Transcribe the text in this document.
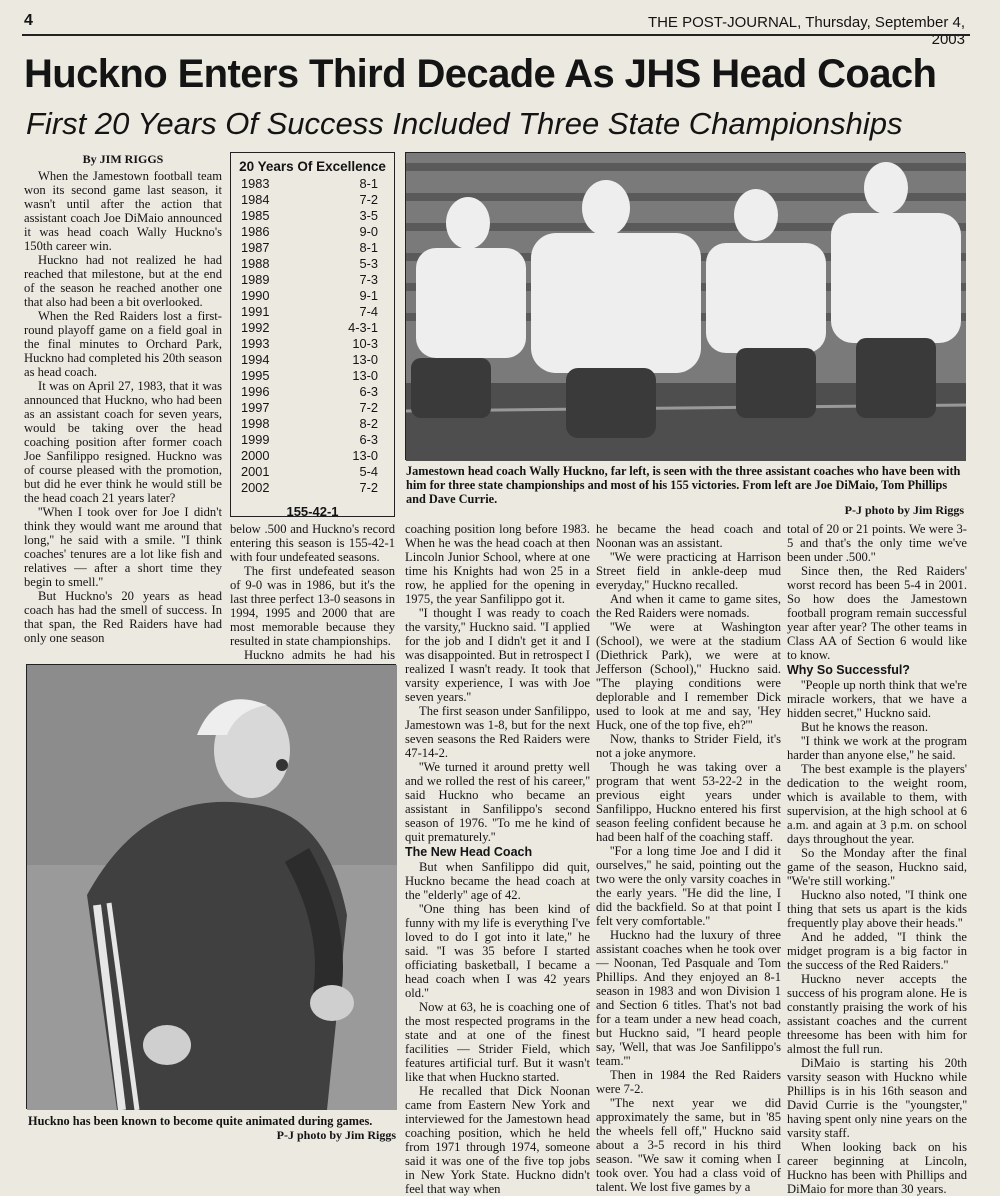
4	THE POST-JOURNAL, Thursday, September 4, 2003
Huckno Enters Third Decade As JHS Head Coach
First 20 Years Of Success Included Three State Championships
By JIM RIGGS

When the Jamestown football team won its second game last season, it wasn't until after the action that assistant coach Joe DiMaio announced it was head coach Wally Huckno's 150th career win.

Huckno had not realized he had reached that milestone, but at the end of the season he reached another one that also had been a bit overlooked.

When the Red Raiders lost a first-round playoff game on a field goal in the final minutes to Orchard Park, Huckno had completed his 20th season as head coach.

It was on April 27, 1983, that it was announced that Huckno, who had been as an assistant coach for seven years, would be taking over the head coaching position after former coach Joe Sanfilippo resigned. Huckno was of course pleased with the promotion, but did he ever think he would still be the head coach 21 years later?

''When I took over for Joe I didn't think they would want me around that long,'' he said with a smile. ''I think coaches' tenures are a lot like fish and relatives — after a short time they begin to smell.''

But Huckno's 20 years as head coach has had the smell of success. In that span, the Red Raiders have had only one season

20 Years Of Excellence
1983	8-1
1984	7-2
1985	3-5
1986	9-0
1987	8-1
1988	5-3
1989	7-3
1990	9-1
1991	7-4
1992	4-3-1
1993	10-3
1994	13-0
1995	13-0
1996	6-3
1997	7-2
1998	8-2
1999	6-3
2000	13-0
2001	5-4
2002	7-2
155-42-1

below .500 and Huckno's record entering this season is 155-42-1 with four undefeated seasons.

The first undefeated season of 9-0 was in 1986, but it's the last three perfect 13-0 seasons in 1994, 1995 and 2000 that are most memorable because they resulted in state championships.

Huckno admits he had his

Jamestown head coach Wally Huckno, far left, is seen with the three assistant coaches who have been with him for three state championships and most of his 155 victories. From left are Joe DiMaio, Tom Phillips and Dave Currie.
P-J photo by Jim Riggs

coaching position long before 1983. When he was the head coach at then Lincoln Junior School, where at one time his Knights had won 25 in a row, he applied for the opening in 1975, the year Sanfilippo got it.

''I thought I was ready to coach the varsity,'' Huckno said. ''I applied for the job and I didn't get it and I was disappointed. But in retrospect I realized I wasn't ready. It took that varsity experience, I was with Joe seven years.''

The first season under Sanfilippo, Jamestown was 1-8, but for the next seven seasons the Red Raiders were 47-14-2.

''We turned it around pretty well and we rolled the rest of his career,'' said Huckno who became an assistant in Sanfilippo's second season of 1976. ''To me he kind of quit prematurely.''

The New Head Coach

But when Sanfilippo did quit, Huckno became the head coach at the ''elderly'' age of 42.

''One thing has been kind of funny with my life is everything I've loved to do I got into it late,'' he said. ''I was 35 before I started officiating basketball, I became a head coach when I was 42 years old.''

Now at 63, he is coaching one of the most respected programs in the state and at one of the finest facilities — Strider Field, which features artificial turf. But it wasn't like that when Huckno started.

He recalled that Dick Noonan came from Eastern New York and interviewed for the Jamestown head coaching position, which he held from 1971 through 1974, someone said it was one of the five top jobs in New York State. Huckno didn't feel that way when

he became the head coach and Noonan was an assistant.

''We were practicing at Harrison Street field in ankle-deep mud everyday,'' Huckno recalled.

And when it came to game sites, the Red Raiders were nomads.

''We were at Washington (School), we were at the stadium (Diethrick Park), we were at Jefferson (School),'' Huckno said. ''The playing conditions were deplorable and I remember Dick used to look at me and say, 'Hey Huck, one of the top five, eh?'''

Now, thanks to Strider Field, it's not a joke anymore.

Though he was taking over a program that went 53-22-2 in the previous eight years under Sanfilippo, Huckno entered his first season feeling confident because he had been half of the coaching staff.

''For a long time Joe and I did it ourselves,'' he said, pointing out the two were the only varsity coaches in the early years. ''He did the line, I did the backfield. So at that point I felt very comfortable.''

Huckno had the luxury of three assistant coaches when he took over — Noonan, Ted Pasquale and Tom Phillips. And they enjoyed an 8-1 season in 1983 and won Division 1 and Section 6 titles. That's not bad for a team under a new head coach, but Huckno said, ''I heard people say, 'Well, that was Joe Sanfilippo's team.'''

Then in 1984 the Red Raiders were 7-2.

''The next year we did approximately the same, but in '85 the wheels fell off,'' Huckno said about a 3-5 record in his third season. ''We saw it coming when I took over. You had a class void of talent. We lost five games by a

total of 20 or 21 points. We were 3-5 and that's the only time we've been under .500.''

Since then, the Red Raiders' worst record has been 5-4 in 2001. So how does the Jamestown football program remain successful year after year? The other teams in Class AA of Section 6 would like to know.

Why So Successful?

''People up north think that we're miracle workers, that we have a hidden secret,'' Huckno said.

But he knows the reason.

''I think we work at the program harder than anyone else,'' he said.

The best example is the players' dedication to the weight room, which is available to them, with supervision, at the high school at 6 a.m. and again at 3 p.m. on school days throughout the year.

So the Monday after the final game of the season, Huckno said, ''We're still working.''

Huckno also noted, ''I think one thing that sets us apart is the kids frequently play above their heads.''

And he added, ''I think the midget program is a big factor in the success of the Red Raiders.''

Huckno never accepts the success of his program alone. He is constantly praising the work of his assistant coaches and the current threesome has been with him for almost the full run.

DiMaio is starting his 20th varsity season with Huckno while Phillips is in his 16th season and David Currie is the ''youngster,'' having spent only nine years on the varsity staff.

When looking back on his career beginning at Lincoln, Huckno has been with Phillips and DiMaio for more than 30 years.

Huckno has been known to become quite animated during games.
P-J photo by Jim Riggs
